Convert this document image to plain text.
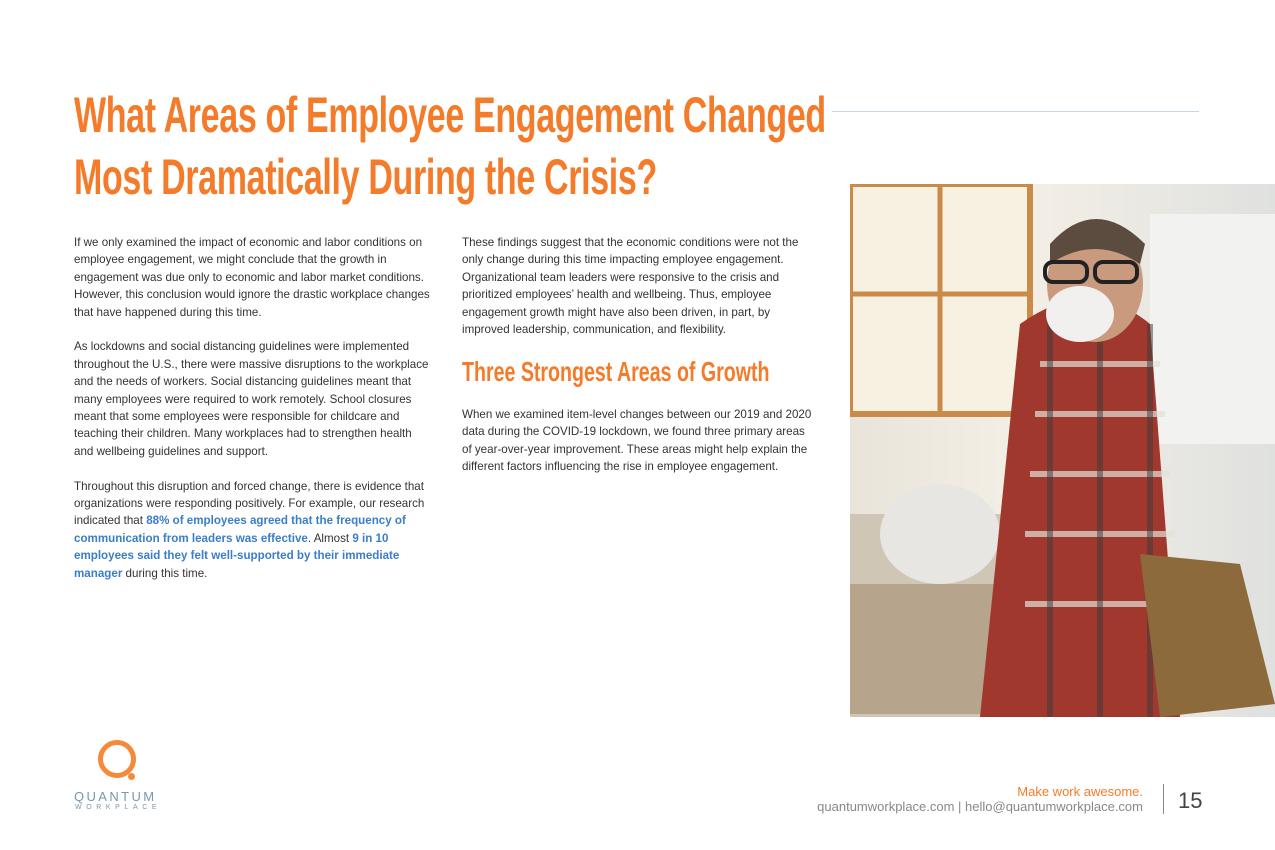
What Areas of Employee Engagement Changed
Most Dramatically During the Crisis?

If we only examined the impact of economic and labor conditions on employee engagement, we might conclude that the growth in engagement was due only to economic and labor market conditions. However, this conclusion would ignore the drastic workplace changes that have happened during this time.

As lockdowns and social distancing guidelines were implemented throughout the U.S., there were massive disruptions to the workplace and the needs of workers. Social distancing guidelines meant that many employees were required to work remotely. School closures meant that some employees were responsible for childcare and teaching their children. Many workplaces had to strengthen health and wellbeing guidelines and support.

Throughout this disruption and forced change, there is evidence that organizations were responding positively. For example, our research indicated that 88% of employees agreed that the frequency of communication from leaders was effective. Almost 9 in 10 employees said they felt well-supported by their immediate manager during this time.

These findings suggest that the economic conditions were not the only change during this time impacting employee engagement. Organizational team leaders were responsive to the crisis and prioritized employees’ health and wellbeing. Thus, employee engagement growth might have also been driven, in part, by improved leadership, communication, and flexibility.

Three Strongest Areas of Growth

When we examined item-level changes between our 2019 and 2020 data during the COVID-19 lockdown, we found three primary areas of year-over-year improvement. These areas might help explain the different factors influencing the rise in employee engagement.

QUANTUM
WORKPLACE
Make work awesome.
quantumworkplace.com | hello@quantumworkplace.com 15
